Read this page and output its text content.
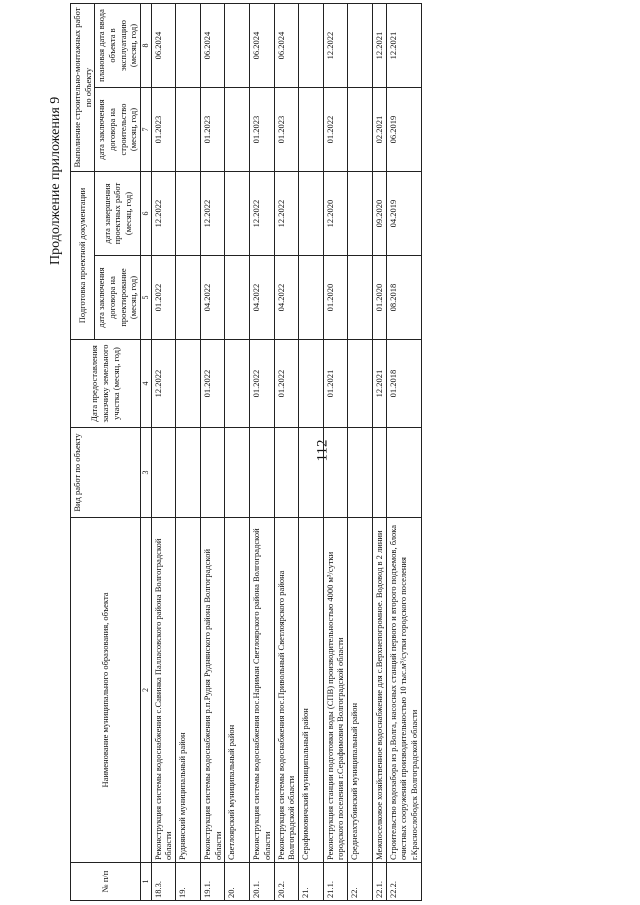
112
Продолжение приложения 9
№ п/п	Наименование муниципального образования, объекта	Вид работ по объекту	Дата предоставления заказчику земельного участка (месяц, год)	Подготовка проектной документации		Выполнение строительно-монтажных работ по объекту	
				дата заключения договора на проектирование (месяц, год)	дата завершения проектных работ (месяц, год)	дата заключения договора на строительство (месяц, год)	плановая дата ввода объекта в эксплуатацию (месяц, год)
1	2	3	4	5	6	7	8
18.3.	Реконструкция системы водоснабжения с.Савинка Палласовского района Волгоградской области		12.2022	01.2022	12.2022	01.2023	06.2024
19.	Руднянский муниципальный район						
19.1.	Реконструкция системы водоснабжения р.п.Рудня Руднянского района Волгоградской области		01.2022	04.2022	12.2022	01.2023	06.2024
20.	Светлоярский муниципальный район						
20.1.	Реконструкция системы водоснабжения пос.Нариман Светлоярского района Волгоградской области		01.2022	04.2022	12.2022	01.2023	06.2024
20.2.	Реконструкция системы водоснабжения пос.Привольный Светлоярского района Волгоградской области		01.2022	04.2022	12.2022	01.2023	06.2024
21.	Серафимовичский муниципальный район						
21.1.	Реконструкция станции подготовки воды (СПВ) производительностью 4000 м³/сутки городского поселения г.Серафимович Волгоградской области		01.2021	01.2020	12.2020	01.2022	12.2022
22.	Среднеахтубинский муниципальный район						
22.1.	Межпоселковое хозяйственное водоснабжение для с.Верхнепогромное. Водовод в 2 линии		12.2021	01.2020	09.2020	02.2021	12.2021
22.2.	Строительство водозабора из р.Волга, насосных станций первого и второго подъемов, блока очистных сооружений производительностью 10 тыс.м³/сутки городского поселения г.Краснослободск Волгоградской области		01.2018	08.2018	04.2019	06.2019	12.2021
